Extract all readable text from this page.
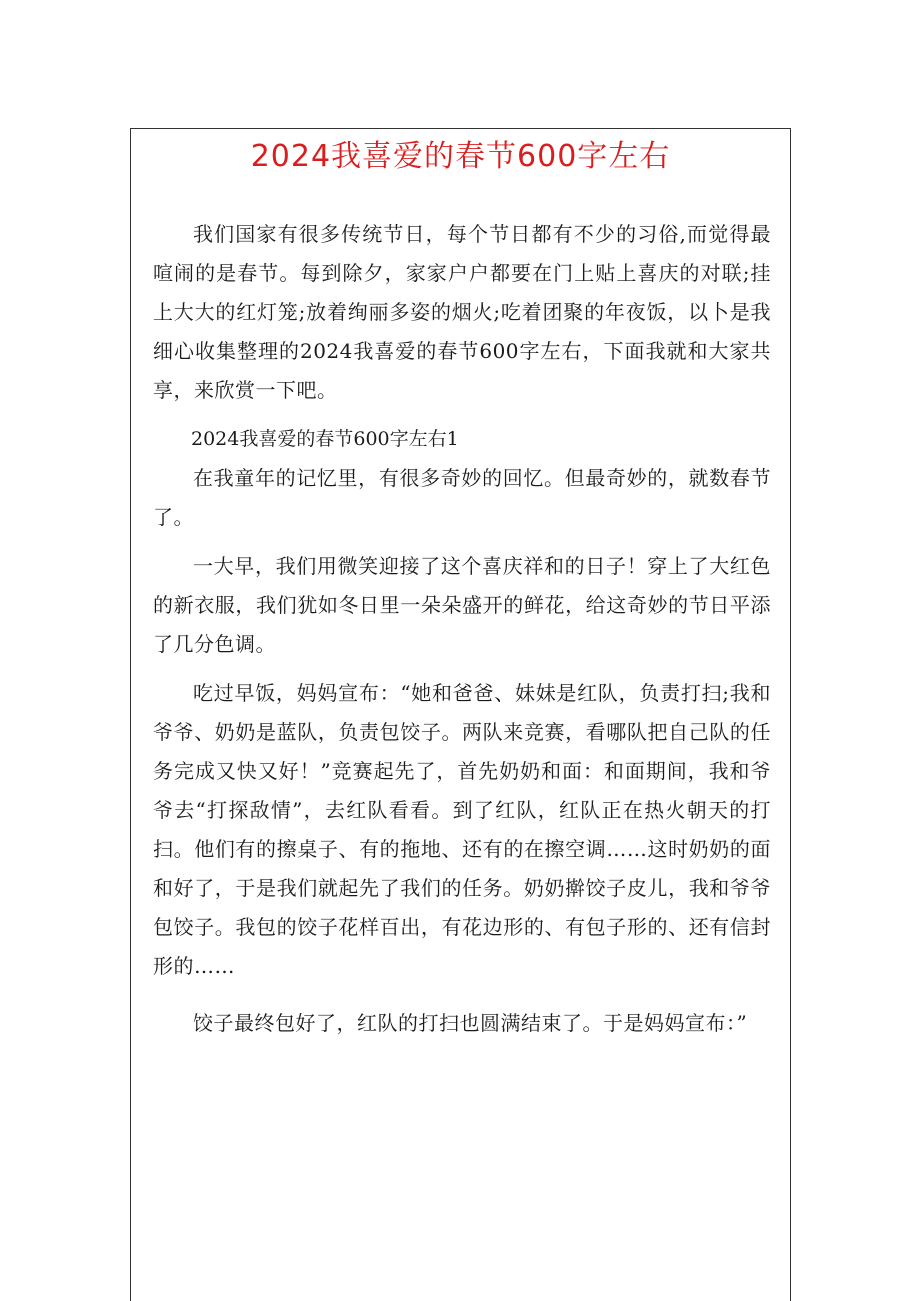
2024我喜爱的春节600字左右

我们国家有很多传统节日，每个节日都有不少的习俗,而觉得最喧闹的是春节。每到除夕，家家户户都要在门上贴上喜庆的对联;挂上大大的红灯笼;放着绚丽多姿的烟火;吃着团聚的年夜饭，以卜是我细心收集整理的2024我喜爱的春节600字左右，下面我就和大家共享，来欣赏一下吧。

2024我喜爱的春节600字左右1

在我童年的记忆里，有很多奇妙的回忆。但最奇妙的，就数春节了。

一大早，我们用微笑迎接了这个喜庆祥和的日子！穿上了大红色的新衣服，我们犹如冬日里一朵朵盛开的鲜花，给这奇妙的节日平添了几分色调。

吃过早饭，妈妈宣布：“她和爸爸、妹妹是红队，负责打扫;我和爷爷、奶奶是蓝队，负责包饺子。两队来竞赛，看哪队把自己队的任务完成又快又好！”竞赛起先了，首先奶奶和面：和面期间，我和爷爷去“打探敌情”，去红队看看。到了红队，红队正在热火朝天的打扫。他们有的擦桌子、有的拖地、还有的在擦空调……这时奶奶的面和好了，于是我们就起先了我们的任务。奶奶擀饺子皮儿，我和爷爷包饺子。我包的饺子花样百出，有花边形的、有包子形的、还有信封形的……

饺子最终包好了，红队的打扫也圆满结束了。于是妈妈宣布：”
